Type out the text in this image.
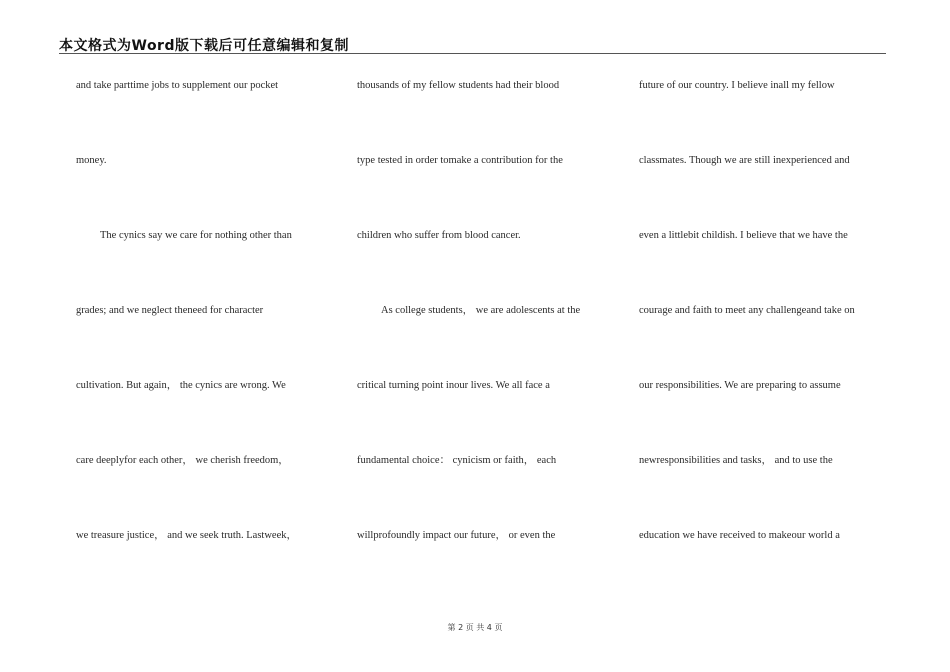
本文格式为Word版下载后可任意编辑和复制
and take parttime jobs to supplement our pocket
money.
The cynics say we care for nothing other than
grades; and we neglect theneed for character
cultivation. But again， the cynics are wrong. We
care deeplyfor each other， we cherish freedom，
we treasure justice， and we seek truth. Lastweek，
thousands of my fellow students had their blood
type tested in order tomake a contribution for the
children who suffer from blood cancer.
As college students， we are adolescents at the
critical turning point inour lives. We all face a
fundamental choice： cynicism or faith， each
willprofoundly impact our future， or even the
future of our country. I believe inall my fellow
classmates. Though we are still inexperienced and
even a littlebit childish. I believe that we have the
courage and faith to meet any challengeand take on
our responsibilities. We are preparing to assume
newresponsibilities and tasks， and to use the
education we have received to makeour world a
第 2 页 共 4 页
